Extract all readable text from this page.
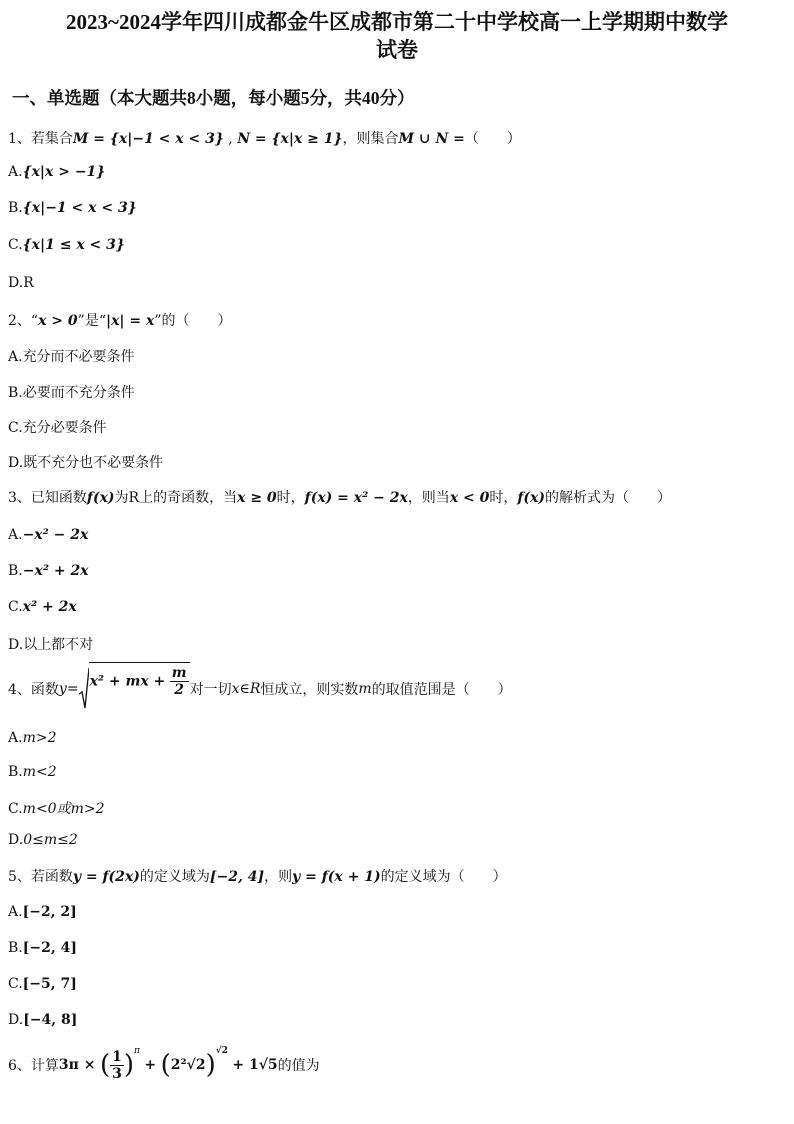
2023~2024学年四川成都金牛区成都市第二十中学校高一上学期期中数学
试卷
一、单选题（本大题共8小题，每小题5分，共40分）
1、若集合M = {x|−1 < x < 3} , N = {x|x ≥ 1}，则集合M ∪ N =（　　）
A.{x|x > −1}
B.{x|−1 < x < 3}
C.{x|1 ≤ x < 3}
D.R
2、“x > 0”是“|x| = x”的（　　）
A.充分而不必要条件
B.必要而不充分条件
C.充分必要条件
D.既不充分也不必要条件
3、已知函数f(x)为R上的奇函数，当x ≥ 0时，f(x) = x² − 2x，则当x < 0时，f(x)的解析式为（　　）
A.−x² − 2x
B.−x² + 2x
C.x² + 2x
D.以上都不对
4、函数y= x² + mx + $\frac{m}{2}$ 对一切x∈R恒成立，则实数m的取值范围是（　　）
A.m>2
B.m<2
C.m<0或m>2
D.0≤m≤2
5、若函数y = f(2x)的定义域为[−2, 4]，则y = f(x + 1)的定义域为（　　）
A.[−2, 2]
B.[−2, 4]
C.[−5, 7]
D.[−4, 8]
6、计算3π × ( $\frac{1}{3} )^\pi + (2^2√2)^{√2} + 1√5$的值为
